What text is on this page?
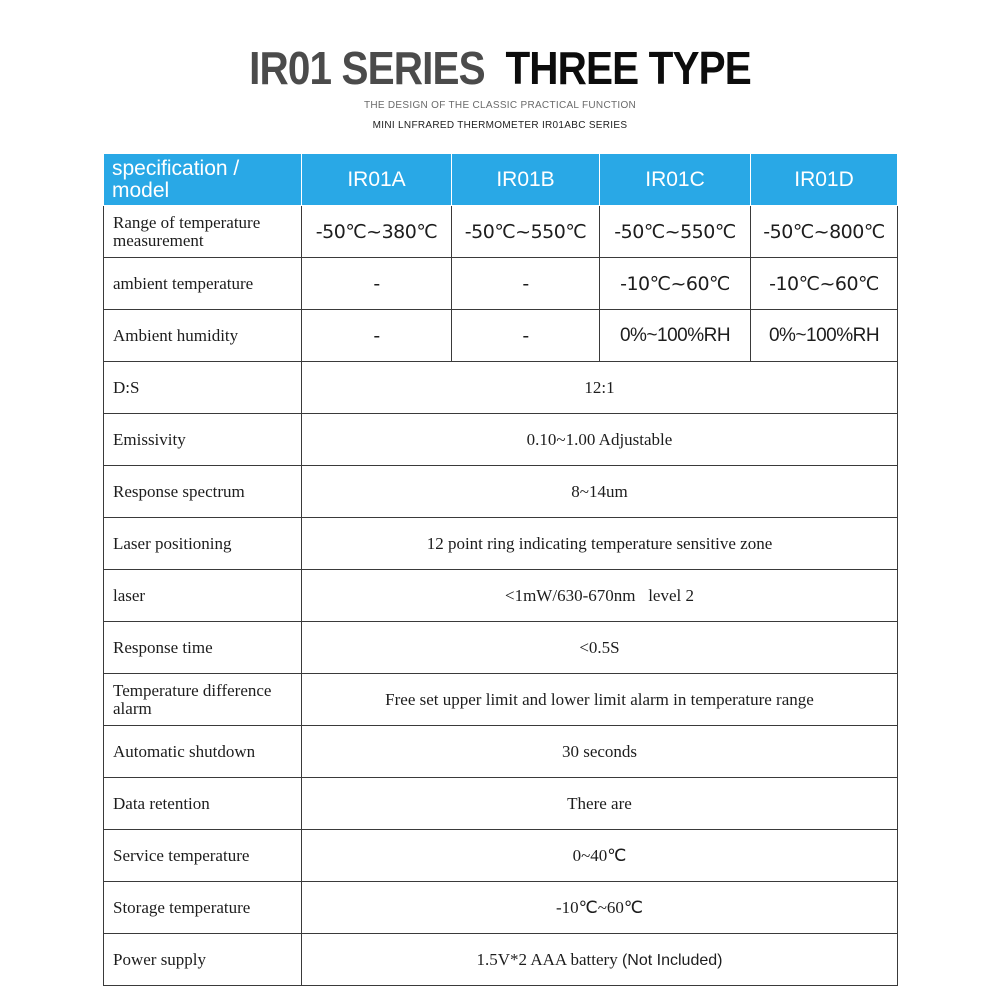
IR01 SERIES THREE TYPE
THE DESIGN OF THE CLASSIC PRACTICAL FUNCTION
MINI LNFRARED THERMOMETER IR01ABC SERIES
specification / model	IR01A	IR01B	IR01C	IR01D
Range of temperature measurement	-50℃~380℃	-50℃~550℃	-50℃~550℃	-50℃~800℃
ambient temperature	-	-	-10℃~60℃	-10℃~60℃
Ambient humidity	-	-	0%~100%RH	0%~100%RH
D:S	12:1			
Emissivity	0.10~1.00 Adjustable			
Response spectrum	8~14um			
Laser positioning	12 point ring indicating temperature sensitive zone			
laser	<1mW/630-670nm   level 2			
Response time	<0.5S			
Temperature difference alarm	Free set upper limit and lower limit alarm in temperature range			
Automatic shutdown	30 seconds			
Data retention	There are			
Service temperature	0~40℃			
Storage temperature	-10℃~60℃			
Power supply	1.5V*2 AAA battery (Not Included)			
